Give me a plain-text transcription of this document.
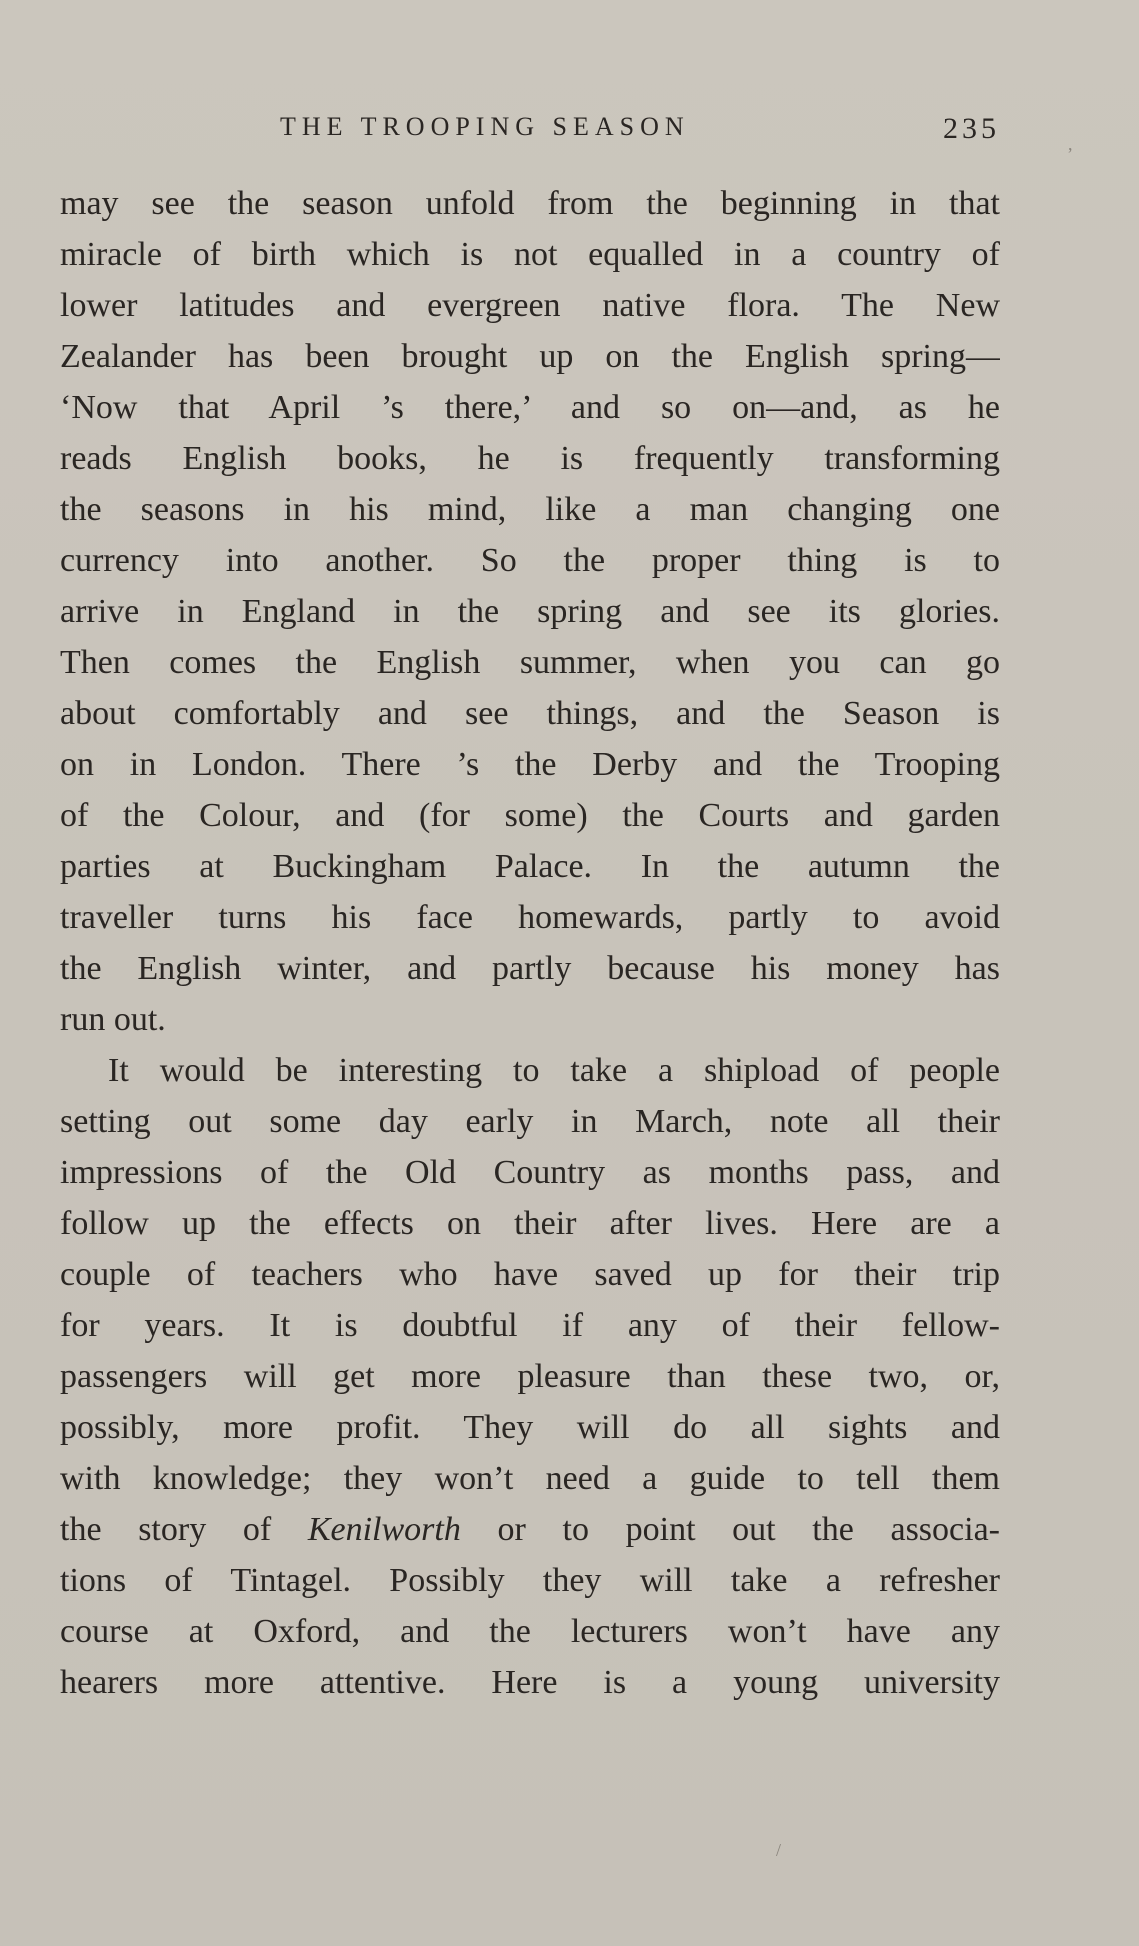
THE TROOPING SEASON	235
may see the season unfold from the beginning in that
miracle of birth which is not equalled in a country of
lower latitudes and evergreen native flora. The New
Zealander has been brought up on the English spring—
‘Now that April ’s there,’ and so on—and, as he
reads English books, he is frequently transforming
the seasons in his mind, like a man changing one
currency into another. So the proper thing is to
arrive in England in the spring and see its glories.
Then comes the English summer, when you can go
about comfortably and see things, and the Season is
on in London. There ’s the Derby and the Trooping
of the Colour, and (for some) the Courts and garden
parties at Buckingham Palace. In the autumn the
traveller turns his face homewards, partly to avoid
the English winter, and partly because his money has
run out.
It would be interesting to take a shipload of people
setting out some day early in March, note all their
impressions of the Old Country as months pass, and
follow up the effects on their after lives. Here are a
couple of teachers who have saved up for their trip
for years. It is doubtful if any of their fellow-
passengers will get more pleasure than these two, or,
possibly, more profit. They will do all sights and
with knowledge; they won’t need a guide to tell them
the story of Kenilworth or to point out the associa-
tions of Tintagel. Possibly they will take a refresher
course at Oxford, and the lecturers won’t have any
hearers more attentive. Here is a young university
,
/
